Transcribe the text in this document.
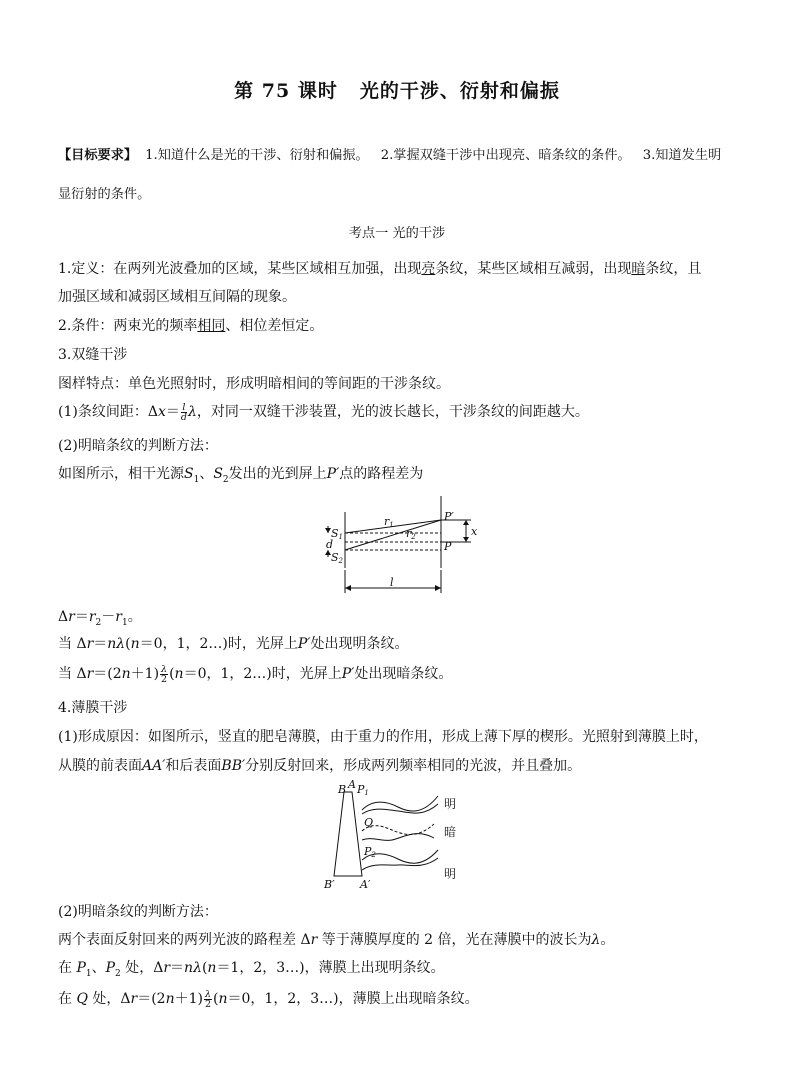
第 75 课时 光的干涉、衍射和偏振
【目标要求】 1.知道什么是光的干涉、衍射和偏振。 2.掌握双缝干涉中出现亮、暗条纹的条件。 3.知道发生明
显衍射的条件。
考点一 光的干涉
1.定义：在两列光波叠加的区域，某些区域相互加强，出现亮条纹，某些区域相互减弱，出现暗条纹，且
加强区域和减弱区域相互间隔的现象。
2.条件：两束光的频率相同、相位差恒定。
3.双缝干涉
图样特点：单色光照射时，形成明暗相间的等间距的干涉条纹。
(1)条纹间距：$\Delta x= \frac{l}{d}$ λ，对同一双缝干涉装置，光的波长越长，干涉条纹的间距越大。
(2)明暗条纹的判断方法：
如图所示，相干光源$S_1$、$S_2$发出的光到屏上P′点的路程差为
S1
d
S2
r1
r2
P′
P
x
l
$\Delta r=r_2-r_1$。
当 Δr＝nλ(n＝0，1，2…)时，光屏上P′处出现明条纹。
当 $\Delta r=(2n+1) \frac{\lambda}{2} (n=0$，1，2…)时，光屏上P′处出现暗条纹。
4.薄膜干涉
(1)形成原因：如图所示，竖直的肥皂薄膜，由于重力的作用，形成上薄下厚的楔形。光照射到薄膜上时，
从膜的前表面AA′和后表面BB′分别反射回来，形成两列频率相同的光波，并且叠加。
B A P1
Q
P2
B′ A′
明
暗
明
(2)明暗条纹的判断方法：
两个表面反射回来的两列光波的路程差 Δr 等于薄膜厚度的 2 倍，光在薄膜中的波长为λ。
在 $P_1$、$P_2$ 处，Δr＝nλ(n＝1，2，3…)，薄膜上出现明条纹。
在 Q 处，$\Delta r=(2n+1) \frac{\lambda}{2} (n=0$，1，2，3…)，薄膜上出现暗条纹。
